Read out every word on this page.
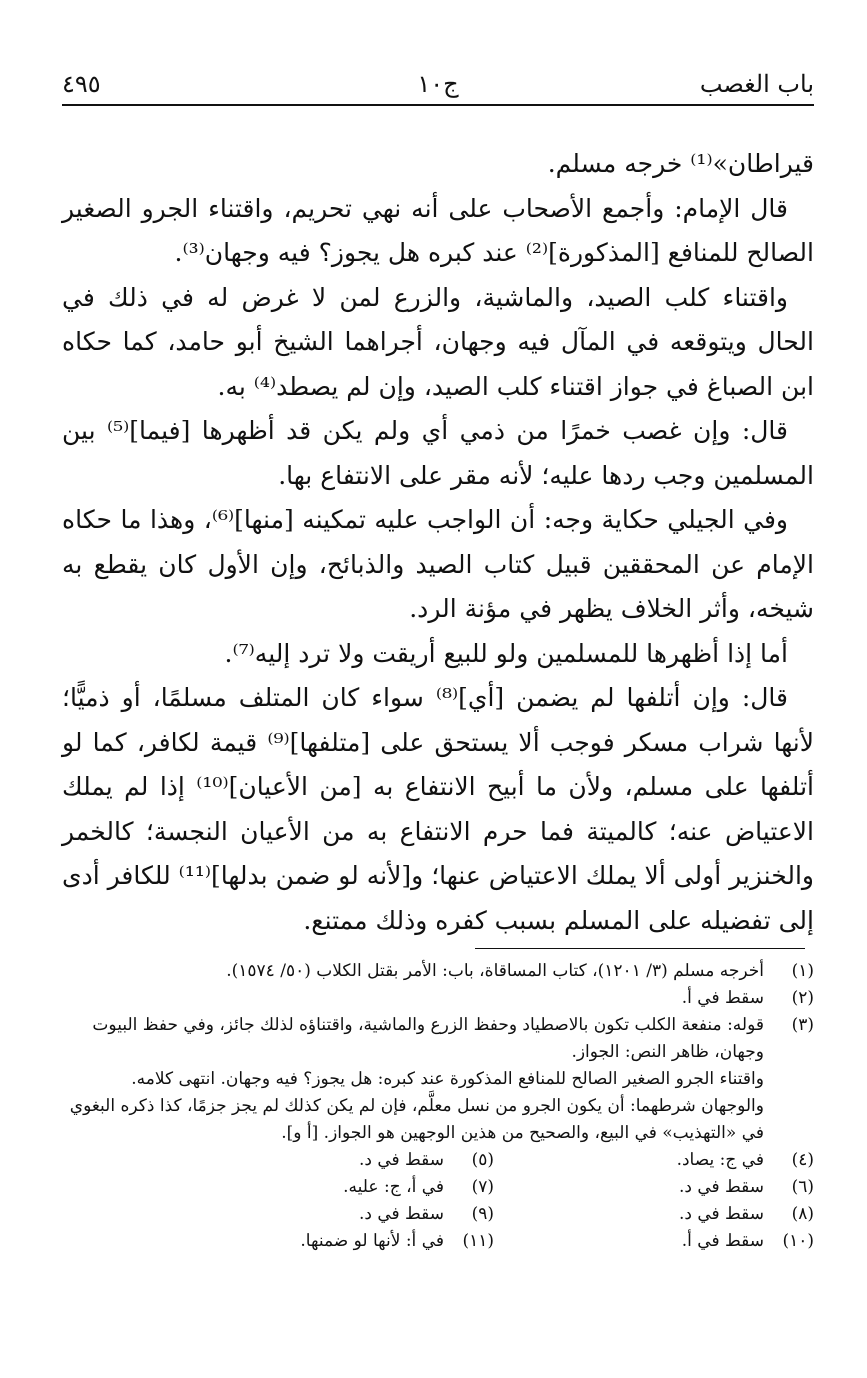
باب الغصب
ج١٠
٤٩٥

قيراطان»⁽¹⁾ خرجه مسلم.

قال الإمام: وأجمع الأصحاب على أنه نهي تحريم، واقتناء الجرو الصغير الصالح للمنافع [المذكورة]⁽²⁾ عند كبره هل يجوز؟ فيه وجهان⁽³⁾.

واقتناء كلب الصيد، والماشية، والزرع لمن لا غرض له في ذلك في الحال ويتوقعه في المآل فيه وجهان، أجراهما الشيخ أبو حامد، كما حكاه ابن الصباغ في جواز اقتناء كلب الصيد، وإن لم يصطد⁽⁴⁾ به.

قال: وإن غصب خمرًا من ذمي أي ولم يكن قد أظهرها [فيما]⁽⁵⁾ بين المسلمين وجب ردها عليه؛ لأنه مقر على الانتفاع بها.

وفي الجيلي حكاية وجه: أن الواجب عليه تمكينه [منها]⁽⁶⁾، وهذا ما حكاه الإمام عن المحققين قبيل كتاب الصيد والذبائح، وإن الأول كان يقطع به شيخه، وأثر الخلاف يظهر في مؤنة الرد.

أما إذا أظهرها للمسلمين ولو للبيع أريقت ولا ترد إليه⁽⁷⁾.

قال: وإن أتلفها لم يضمن [أي]⁽⁸⁾ سواء كان المتلف مسلمًا، أو ذميًّا؛ لأنها شراب مسكر فوجب ألا يستحق على [متلفها]⁽⁹⁾ قيمة لكافر، كما لو أتلفها على مسلم، ولأن ما أبيح الانتفاع به [من الأعيان]⁽¹⁰⁾ إذا لم يملك الاعتياض عنه؛ كالميتة فما حرم الانتفاع به من الأعيان النجسة؛ كالخمر والخنزير أولى ألا يملك الاعتياض عنها؛ و[لأنه لو ضمن بدلها]⁽¹¹⁾ للكافر أدى إلى تفضيله على المسلم بسبب كفره وذلك ممتنع.

(١)
أخرجه مسلم (٣/ ١٢٠١)، كتاب المساقاة، باب: الأمر بقتل الكلاب (٥٠/ ١٥٧٤).
(٢)
سقط في أ.
(٣)
قوله: منفعة الكلب تكون بالاصطياد وحفظ الزرع والماشية، واقتناؤه لذلك جائز، وفي حفظ البيوت وجهان، ظاهر النص: الجواز.
واقتناء الجرو الصغير الصالح للمنافع المذكورة عند كبره: هل يجوز؟ فيه وجهان. انتهى كلامه.
والوجهان شرطهما: أن يكون الجرو من نسل معلَّم، فإن لم يكن كذلك لم يجز جزمًا، كذا ذكره البغوي في «التهذيب» في البيع، والصحيح من هذين الوجهين هو الجواز. [أ و].
(٤)
في ج: يصاد.
(٥)
سقط في د.
(٦)
سقط في د.
(٧)
في أ، ج: عليه.
(٨)
سقط في د.
(٩)
سقط في د.
(١٠)
سقط في أ.
(١١)
في أ: لأنها لو ضمنها.
